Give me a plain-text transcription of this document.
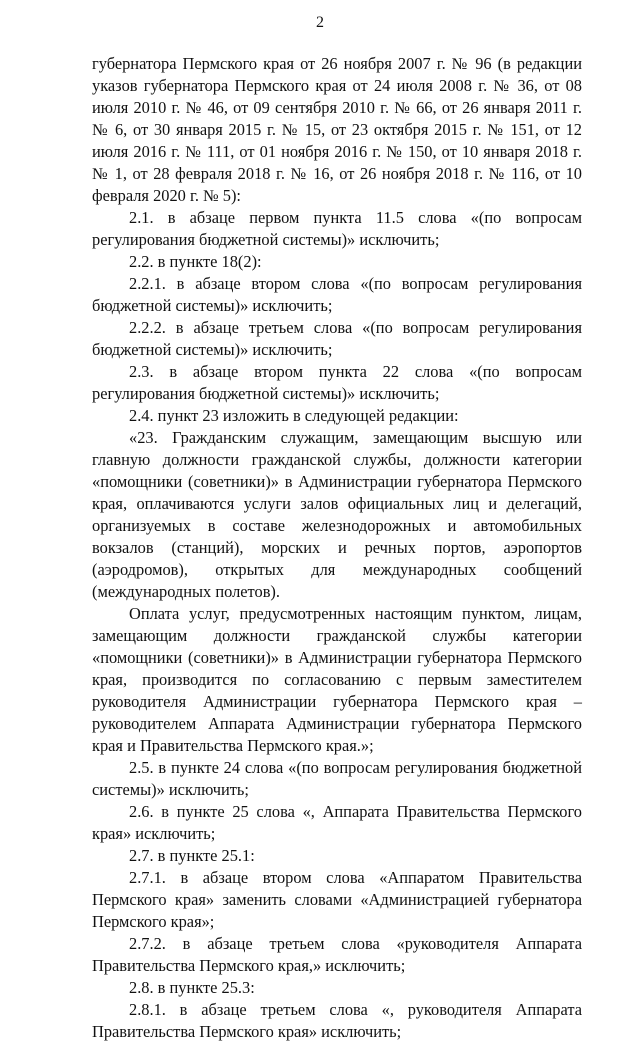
2

губернатора Пермского края от 26 ноября 2007 г. № 96 (в редакции указов губернатора Пермского края от 24 июля 2008 г. № 36, от 08 июля 2010 г. № 46, от 09 сентября 2010 г. № 66, от 26 января 2011 г. № 6, от 30 января 2015 г. № 15, от 23 октября 2015 г. № 151, от 12 июля 2016 г. № 111, от 01 ноября 2016 г. № 150, от 10 января 2018 г. № 1, от 28 февраля 2018 г. № 16, от 26 ноября 2018 г. № 116, от 10 февраля 2020 г. № 5):

2.1. в абзаце первом пункта 11.5 слова «(по вопросам регулирования бюджетной системы)» исключить;

2.2. в пункте 18(2):

2.2.1. в абзаце втором слова «(по вопросам регулирования бюджетной системы)» исключить;

2.2.2. в абзаце третьем слова «(по вопросам регулирования бюджетной системы)» исключить;

2.3. в абзаце втором пункта 22 слова «(по вопросам регулирования бюджетной системы)» исключить;

2.4. пункт 23 изложить в следующей редакции:

«23. Гражданским служащим, замещающим высшую или главную должности гражданской службы, должности категории «помощники (советники)» в Администрации губернатора Пермского края, оплачиваются услуги залов официальных лиц и делегаций, организуемых в составе железнодорожных и автомобильных вокзалов (станций), морских и речных портов, аэропортов (аэродромов), открытых для международных сообщений (международных полетов).

Оплата услуг, предусмотренных настоящим пунктом, лицам, замещающим должности гражданской службы категории «помощники (советники)» в Администрации губернатора Пермского края, производится по согласованию с первым заместителем руководителя Администрации губернатора Пермского края – руководителем Аппарата Администрации губернатора Пермского края и Правительства Пермского края.»;

2.5. в пункте 24 слова «(по вопросам регулирования бюджетной системы)» исключить;

2.6. в пункте 25 слова «, Аппарата Правительства Пермского края» исключить;

2.7. в пункте 25.1:

2.7.1. в абзаце втором слова «Аппаратом Правительства Пермского края» заменить словами «Администрацией губернатора Пермского края»;

2.7.2. в абзаце третьем слова «руководителя Аппарата Правительства Пермского края,» исключить;

2.8. в пункте 25.3:

2.8.1. в абзаце третьем слова «, руководителя Аппарата Правительства Пермского края» исключить;
